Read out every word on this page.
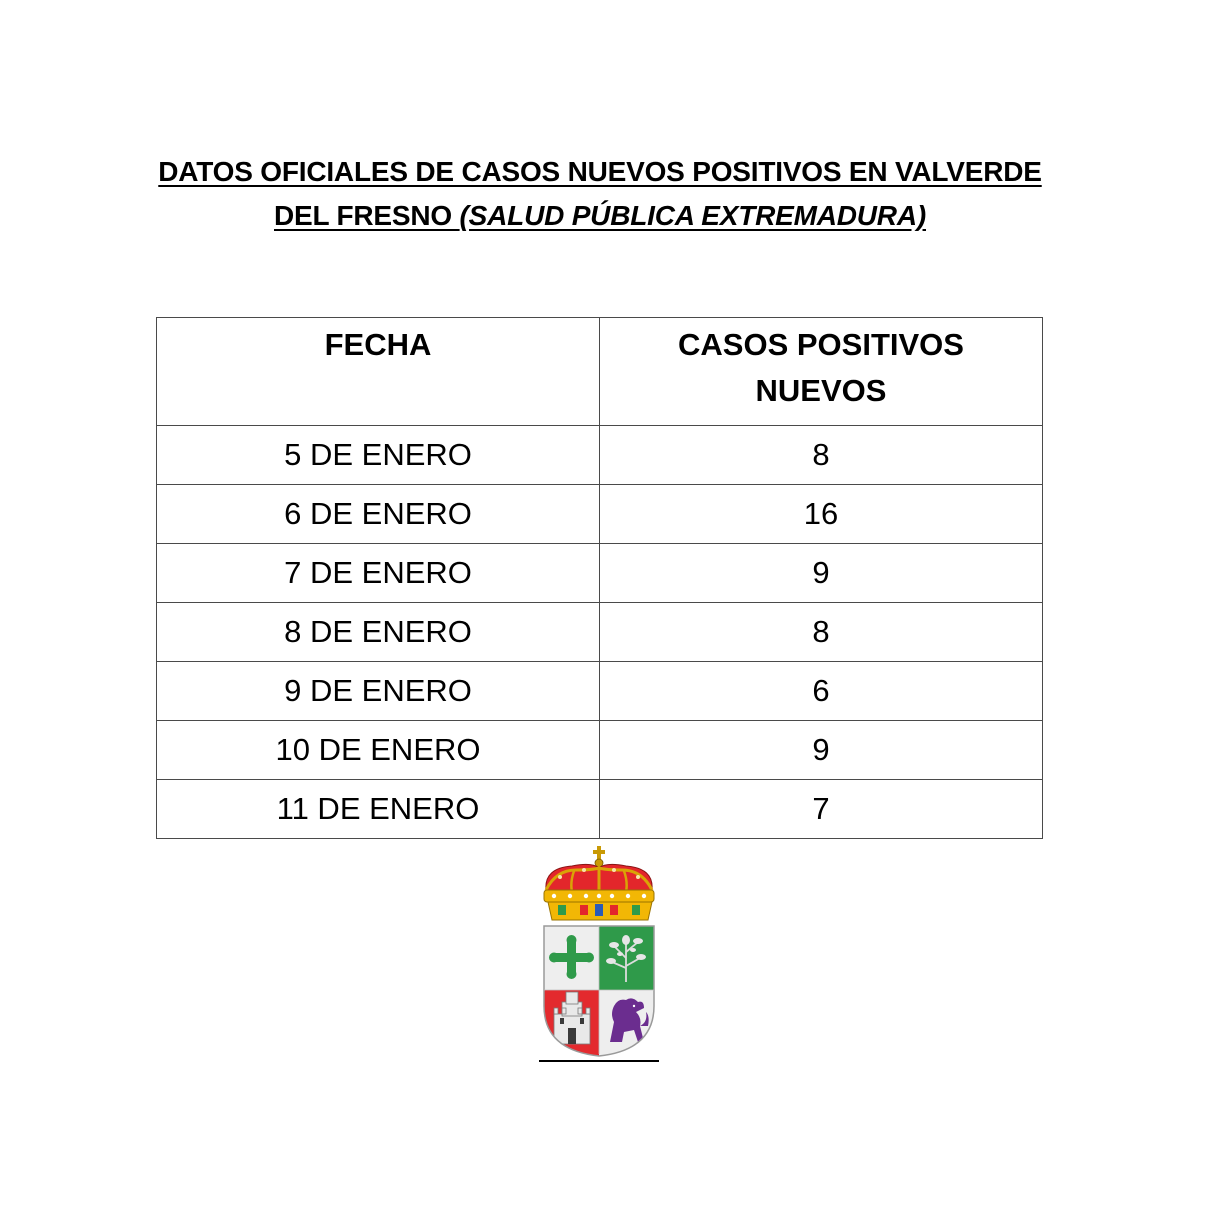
DATOS OFICIALES DE CASOS NUEVOS POSITIVOS EN VALVERDE
DEL FRESNO (SALUD PÚBLICA EXTREMADURA)
FECHA	CASOS POSITIVOS
NUEVOS
5 DE ENERO	8
6 DE ENERO	16
7 DE ENERO	9
8 DE ENERO	8
9 DE ENERO	6
10 DE ENERO	9
11 DE ENERO	7
